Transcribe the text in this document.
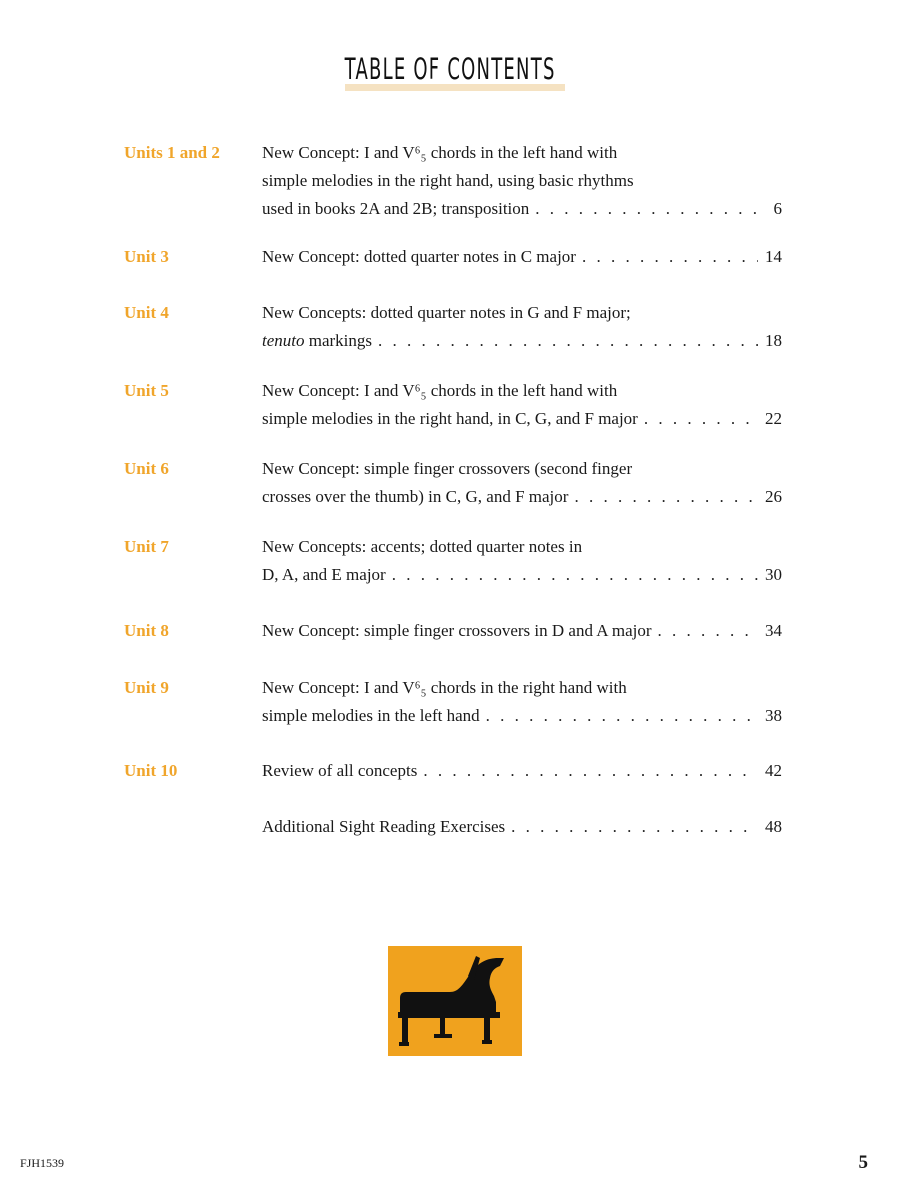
TABLE OF CONTENTS
Units 1 and 2 New Concept: I and V⁶₅ chords in the left hand with
simple melodies in the right hand, using basic rhythms
used in books 2A and 2B; transposition . . .	6
Unit 3	New Concept: dotted quarter notes in C major . . .	14
Unit 4	New Concepts: dotted quarter notes in G and F major;
tenuto markings . . .	18
Unit 5	New Concept: I and V⁶₅ chords in the left hand with
simple melodies in the right hand, in C, G, and F major . . .	22
Unit 6	New Concept: simple finger crossovers (second finger
crosses over the thumb) in C, G, and F major . . .	26
Unit 7	New Concepts: accents; dotted quarter notes in
D, A, and E major . . .	30
Unit 8	New Concept: simple finger crossovers in D and A major . . .	34
Unit 9	New Concept: I and V⁶₅ chords in the right hand with
simple melodies in the left hand . . .	38
Unit 10	Review of all concepts . . .	42
Additional Sight Reading Exercises . . .	48
FJH1539	5
